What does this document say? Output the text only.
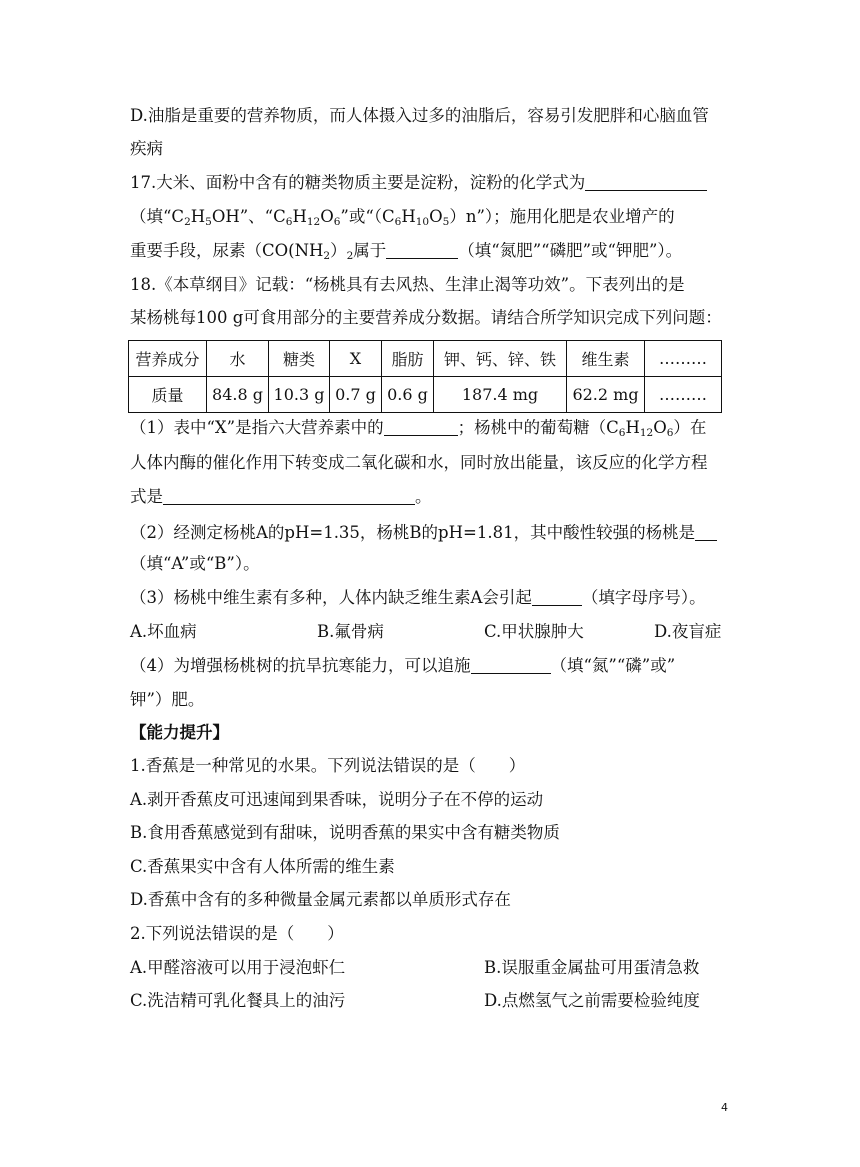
D.油脂是重要的营养物质，而人体摄入过多的油脂后，容易引发肥胖和心脑血管
疾病
17.大米、面粉中含有的糖类物质主要是淀粉，淀粉的化学式为
（填“$C_2H_5OH$”、“$C_6H_{12}O_6$”或“$(C_6H_{10}O_5)n$”）；施用化肥是农业增产的
重要手段，尿素（$CO(NH_2)_2$属于	（填“氮肥”“磷肥”或“钾肥”）。
18.《本草纲目》记载：“杨桃具有去风热、生津止渴等功效”。下表列出的是
某杨桃每100 g可食用部分的主要营养成分数据。请结合所学知识完成下列问题：
营养成分	水	糖类	X	脂肪	钾、钙、锌、铁	维生素	………
质量	84.8 g	10.3 g	0.7 g	0.6 g	187.4 mg	62.2 mg	………
（1）表中“X”是指六大营养素中的	；杨桃中的葡萄糖$(C_6H_{12}O_6)$在
人体内酶的催化作用下转变成二氧化碳和水，同时放出能量，该反应的化学方程
式是	。
（2）经测定杨桃A的pH=1.35，杨桃B的pH=1.81，其中酸性较强的杨桃是
（填“A”或“B”）。
（3）杨桃中维生素有多种，人体内缺乏维生素A会引起	（填字母序号）。
A.坏血病	B.氟骨病	C.甲状腺肿大	D.夜盲症
（4）为增强杨桃树的抗旱抗寒能力，可以追施	（填“氮”“磷”或”
钾”）肥。
【能力提升】
1.香蕉是一种常见的水果。下列说法错误的是（　　）
A.剥开香蕉皮可迅速闻到果香味，说明分子在不停的运动
B.食用香蕉感觉到有甜味，说明香蕉的果实中含有糖类物质
C.香蕉果实中含有人体所需的维生素
D.香蕉中含有的多种微量金属元素都以单质形式存在
2.下列说法错误的是（　　）
A.甲醛溶液可以用于浸泡虾仁	B.误服重金属盐可用蛋清急救
C.洗洁精可乳化餐具上的油污	D.点燃氢气之前需要检验纯度
4
